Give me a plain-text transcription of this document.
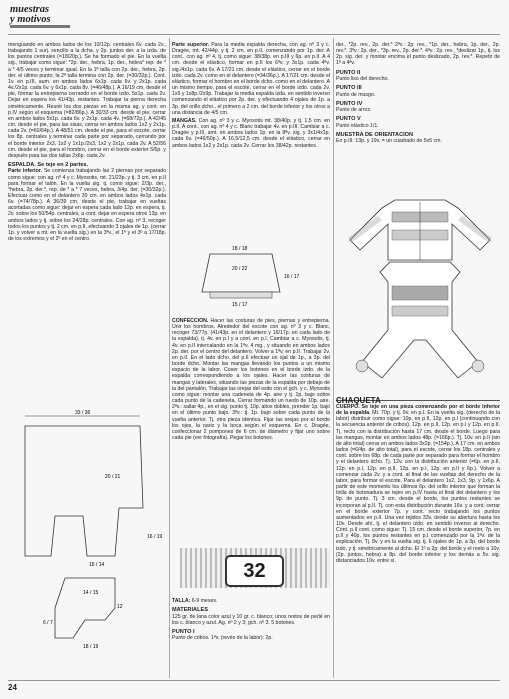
muestras
y motivos

menguando en ambos lados de los 10/12p. centrales 6v. cada 2v., trabajando 1 surj. sencillo a la dcha. y 2p. juntos der. a la izda. de los puntos centrales (=18/20p.). Se ha formado el pie. En la vuelta sig., trabajar como sigue: *2p. der., hebra, 1p. der., hebra* rep. de * a * 4/5 veces y terminar igual. En la 1ª talla con 2p. der., hebra, 2p. der. el último punto; la 2ª talla termina con 2p. der. (=30/32p.). Cont. 1v. en p.III, aum. en ambos lados 6x1p. cada 6v. y 2x1p. cada 4v./2x1p. cada 6v. y 6x1p. cada 8v. (=46/48p.). A 16/19 cm. desde el pie, formar la entrepierna cerrando en el borde izdo. 5x1p. cada 2v. Dejar en espera los 41/43p. restantes. Trabajar la pierna derecha simétricamente. Reunir los dos piezas en la misma ag. y cont. en p.IV según el esquema (=82/86p.). A 30/33 cm. desde el pie, cerrar en ambos lados 5x1p. cada 6v. y 2x1p. cada 4v. (=68/72p.). A 42/45 cm. desde el pie, para las sisas, cerrar en ambos lados 1x2 y 2x1p. cada 2v. (=60/64p.). A 48/51 cm. desde el pie, para el escote, cerrar los 8p. centrales y terminar cada parte por separado, cerrando por el borde interior 2x3, 1x2 y 1x1p./2x3, 1x2 y 2x1p. cada 2v. A 52/56 cm. desde el pie, para el hombro, cerrar en el borde exterior 5/6p. y después para las dos tallas 2x6p. cada 2v.

ESPALDA. Se teje en 2 partes.

Parte inferior. Se comienza trabajando las 2 piernas por separado como sigue: con ag. nº 4 y c. Myosotis, mt. 21/23p. y tj. 3 cm. en p.II para formar el talón. En la vuelta sig. tj. como sigue: 2/3p. der., *hebra, 2p. der.*, rep. de * a * 7 veces, hebra, 3/4p. der. (=30/32p.). Efectuar como en el delantero 30 cm. en ambos lados 4x1p. cada 6v. (=74/78p.). A 36/39 cm. desde el pie, trabajar en vueltas acortadas como sigue: dejar en espera cada lado 12p. en espera, tj. 2v. sobre los 50/54p. centrales, a cont. dejar en espera otros 13p. en ambos lados y tj. sobre los 24/28p. centrales. Con ag. nº 3, recoger todos los puntos y tj. 2 cm. en p.II, efectuando 3 ojales de 1p. (cerrar 1p. y volver a mt. en la vuelta sig.) en la 3ªv., el 1º y el 3º a 17/18p. de los extremos y el 2º en el centro.

33 / 36
20 / 21
16 / 19
15 / 14
14 / 15
12
6 / 7
18 / 19

Parte superior. Para la media espalda derecha, con ag. nº 3 y c. Dragée, mt. 42/44p. y tj. 2 cm. en p.II, comenzando por 1p. der. A cont., con ag. nº 4, tj. como sigue: 38/38p. en p.III y 6p. en p.II. A 4 cm. desde el elástico, formar en p.II los 6ªv. y 3x1p. cada 4ªv. sig./4x1p. cada 6v. A 17/21 cm. desde el elástico, cerrar en el borde izdo. cada 2v. como en el delantero (=34/36p.). A 17/21 cm. desde el elástico, formar el hombro en el borde dcho. como en el delantero. A un mismo tiempo, para el escote, cerrar en el borde izdo. cada 2v. 1x9 y 1x8p./2x9p. Trabajar la media espalda izda. en sentido inverso comenzando el elástico por 2p. der. y efectuando 4 ojales de 1p. a 3p. del orillo dcho., el primero a 2 cm. del borde inferior y los otros a una distancia de 4/5 cm.

MANGAS. Con ag. nº 3 y c. Myosotis mt. 38/40p. y tj. 1,5 cm. en p.II. A cont., con ag. nº 4 y c. Blanc trabajar 4v. en p.III. Cambiar a c. Dragée y p.III, amt. en ambos lados 1p. en la 8ªv. sig. y 3x1/4x1p. cada 6v. (=46/50p.). A 16,5/12,5 cm. desde el elástico, cerrar en ambos lados 1x2 y 2x1p. cada 2v. Cerrar los 38/42p. restantes.

18 / 18
20 / 22
16 / 17
15 / 17

CONFECCION. Hacer las costuras de pies, piernas y entrepierna. Unir los hombros. Alrededor del escote con ag. nº 3 y c. Blanc, recoger 73/77p. (41/43p. en el delantero y 16/17p. en cada lado de la espalda), tj. 4v. en p.I y a cont. en p.I. Cambiar a c. Myosotis, tj. 4v. en p.II intercalando en la 1ªv. 4 mg., y situando en ambos lados 2p. der. por el centro del delantero. Volver a 1ªv. en p.II. Trabajar 2v. en p.II. En el lado dcho. del p.II efectuar un ojal de 1p., a 3p. del borde dcho. Montar las mangas llevando los puntos a un mismo espacio de la labor. Coser los botones en el borde izdo. de la espalda correspondiendo a los ojales. Hacer las costuras de mangas y laterales, situando las piezas de la espalda por debajo de la del pantalón. Trabajar las orejas del osito con el gch. y c. Myosotis como sigue: montar una cadeneta de 4p. aire y tj. 1p. bajo sobre cada punto de la cadeneta. Cerrar formando un ruedo de 10p. aire. 2ªv.: saltar 4p., en el sig. punto tj. 10p. altos dobles, prender 1p. bajo en el último punto bajo. 3ªv.: tj. 1p. bajo sobre cada punto de la vuelta anterior. Tj. otra pieza idéntica. Fijar las orejas por el borde los ojos, la nariz y la boca según el esquema. En c. Dragée, confeccionar 2 pompones de 6 cm. de diámetro y fijar uno sobre cada pie (ver fotografía). Pegar los botones.

32

TALLA: 6-9 meses.

MATERIALES

125 gr. de lana color azul y 10 gr. c. blanco; unos restos de perlé en los c. blanco y azul. Ag. nº 2 y 3; gch. nº 3. 5 botones.

PUNTO I

Punto de cribos. 1ªv. (revés de la labor): 2p.

der., *2p. rev., 2p. der.* 2ªv.: 2p. rev., *1p. der., hebra, 1p. der., 2p. rev.*. 3ªv.: 2p. der., *3p. rev., 2p. der.*. 4ªv.: 2p. rev., *deslizar 1p., tj. los 2p. sig. der. y montar encima el punto deslizado, 2p. rev.*. Repetir de 1ª a 4ªv.

PUNTO II

Punto liso del derecho.

PUNTO III

Punto de musgo.

PUNTO IV

Punto de arroz.

PUNTO V

Punto elástico 1/1.

MUESTRA DE ORIENTACION

En p.III: 13p. y 19v. = un cuadrado de 5x5 cm.

CHAQUETA

CUERPO. Se teje en una pieza comenzando por el borde inferior de la espalda. Mt. 70p. y tj. 9v. en p.I. En la vuelta sig. (derecho de la labor) distribuir como sigue: 10p. en p.II, 12p. en p.I (continuando con la secuencia anterior de cribos), 12p. en p.II, 12p. en p.I y 12p. en p.II. Tj. recto con la distribución hasta 17 cm. desde el borde. Luego para las mangas, montar en ambos lados 48p. (=166p.). Tj. 10v. en p.II (sin de alto total) cerrar en ambos lados 3x2p. (=154p.). A 17 cm. en ambos lados (=6/4p. de alto total), para el escote, cerrar los 18p. centrales y cont. sobre los 68p. de cada parte por separado para formar el hombro y el delantero dcho. Tj. 12v. con la distribución anterior (=6p. en p.II, 12p. en p.I, 12p. en p.II, 12p. en p.I, 12p. en p.II y 6p.). Volver a comenzar cada 2v. y a cont. al final de las vueltas del derecho de la labor, para formar el escote. Para el delantero 1x2, 1x3, 9p. y 1x6p. A partir de este momento los últimos 6p. del orillo interior que forman la tirilla de botonadura se tejen en p.IV hasta el final del delantero y los 9p. de punto. Tj. 3 cm. desde el borde, los puntos restantes se incorporan al p.II. Tj. con esta distribución durante 16v. y a cont. cerrar en el borde exterior 7p. y cont. recto trabajando los puntos aumentados en p.II. Una vez tejidos 33v. desde su abertura hasta los 10v. Desde ahí, tj. el delantero izdo. en sentido inverso al derecho. Cont. p.II cont. como sigue: Tj. 15 cm. desde el borde superior, 7p. en p.II y 40p. los puntos restantes en p.I comenzado por la 1ªv. de la explicación. Tj. 8v. y en la vuelta sig. tj. 6 ojales de 1p. a 3p. del borde izdo. y tj. simétricamente al dcho. El 1º a 2p. del borde y el resto a 10v. (2p. juntos, hebra) a 8p. del borde inferior y los demás a 5v. sig. distanciados 10v. entre sí.

24
